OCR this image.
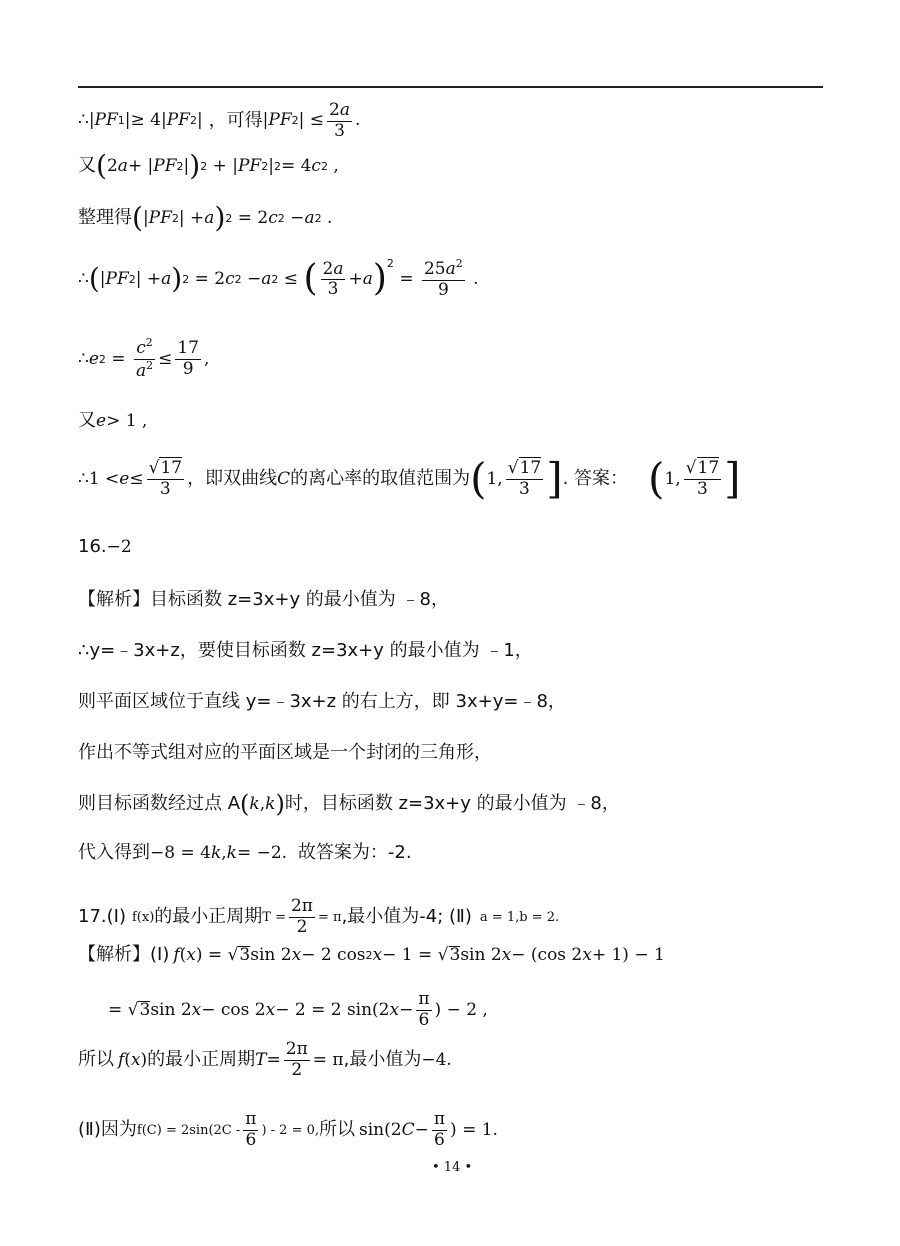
∴| PF 1 |≥ 4| PF 2 | ，可得 | PF 2 | ≤ $\frac{2a}{3}$ .
又 ( 2 a + | PF 2 | ) 2 + | PF 2 | 2 = 4 c 2 ,
整理得 ( | PF 2 | + a ) 2 = 2 c 2 − a 2 .
∴ ( | PF 2 | + a ) 2 = 2 c 2 − a 2 ≤ ( $\frac{2a}{3} + a$ )$^2$
= $\frac{25a^2}{9}$ .
∴ e $2 = \frac{c^2}{a^2} \le \frac{17}{9}$ ,
又 e > 1 ,
∴1 < $e \le \frac{√17}{3}$ ，即双曲线 C 的离心率的取值范围为 ( 1, $\frac{√17}{3}$ ] . 答案： ( 1, $\frac{√17}{3}$ ]
16. −2
【解析】目标函数 z=3x+y 的最小值为 ﹣8，
∴y=﹣3x+z，要使目标函数 z=3x+y 的最小值为 ﹣1，
则平面区域位于直线 y=﹣3x+z 的右上方，即 3x+y=﹣8，
作出不等式组对应的平面区域是一个封闭的三角形，
则目标函数经过点 A ( k , k ) 时，目标函数 z=3x+y 的最小值为 ﹣8，
代入得到 −8 = 4 k , k = −2. 故答案为：-2.
17.(Ⅰ) f(x) 的最小正周期 $T = \frac{2\pi}{2} = \pi$ ,最小值为-4; (Ⅱ) a = 1,b = 2.
【解析】(Ⅰ) f ( x ) = √ 3 sin 2 x − 2 cos 2 x − 1 = √ 3 sin 2 x − (cos 2 x + 1) − 1
= √ 3 sin 2 x − cos 2 x − 2 = 2 sin(2 $x - \frac{\pi}{6}$ ) − 2 ,
所以 f ( x ) 的最小正周期 $T = \frac{2\pi}{2} = \pi$ ,最小值为 −4.
(Ⅱ)因为 $f(C) = 2\sin(2C - \frac{\pi}{6}$ ) - 2 = 0, 所以 sin(2 $C - \frac{\pi}{6}$ ) = 1 .
• 14 •
